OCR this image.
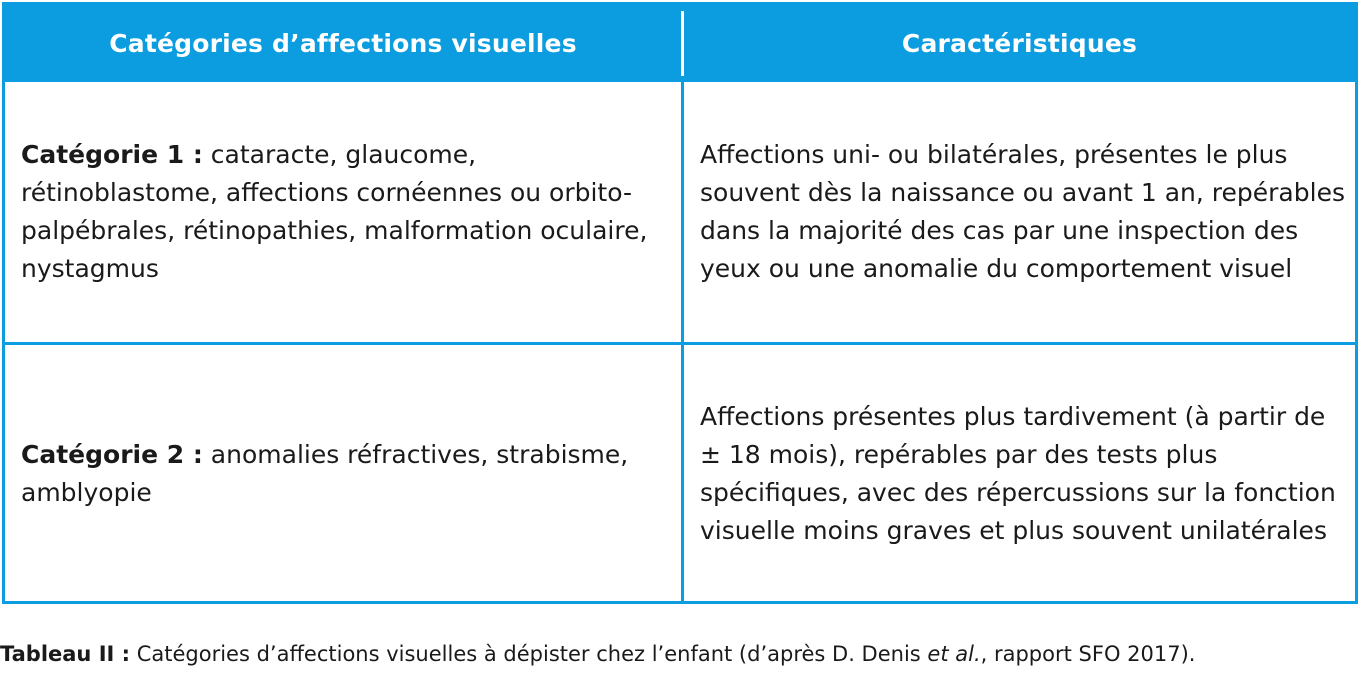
Catégories d’affections visuelles	Caractéristiques
Catégorie 1 : cataracte, glaucome, rétinoblastome, affections cornéennes ou orbito-palpébrales, rétinopathies, malformation oculaire, nystagmus
Affections uni- ou bilatérales, présentes le plus souvent dès la naissance ou avant 1 an, repérables dans la majorité des cas par une inspection des yeux ou une anomalie du comportement visuel
Catégorie 2 : anomalies réfractives, strabisme, amblyopie
Affections présentes plus tardivement (à partir de ± 18 mois), repérables par des tests plus spécifiques, avec des répercussions sur la fonction visuelle moins graves et plus souvent unilatérales
Tableau II : Catégories d’affections visuelles à dépister chez l’enfant (d’après D. Denis et al., rapport SFO 2017).
